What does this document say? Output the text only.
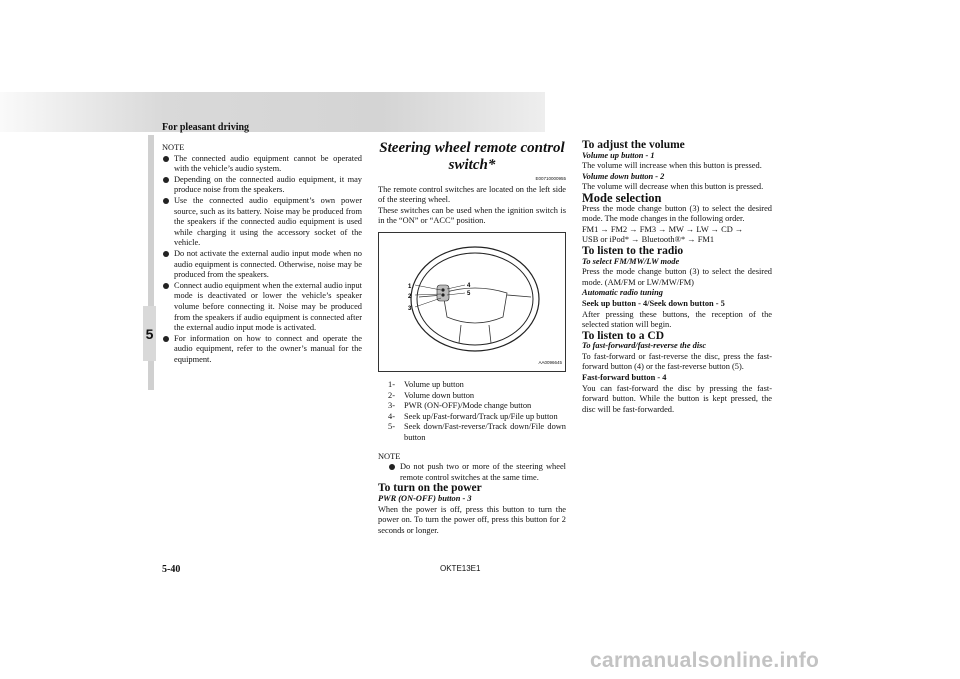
For pleasant driving
5

NOTE

The connected audio equipment cannot be operated with the vehicle’s audio system.
Depending on the connected audio equipment, it may produce noise from the speakers.
Use the connected audio equipment’s own power source, such as its battery. Noise may be produced from the speakers if the connected audio equipment is used while charging it using the accessory socket of the vehicle.
Do not activate the external audio input mode when no audio equipment is connected. Otherwise, noise may be produced from the speakers.
Connect audio equipment when the external audio input mode is deactivated or lower the vehicle’s speaker volume before connecting it. Noise may be produced from the speakers if audio equipment is connected after the external audio input mode is activated.
For information on how to connect and operate the audio equipment, refer to the owner’s manual for the equipment.

Steering wheel remote control switch*

E00710000955

The remote control switches are located on the left side of the steering wheel.

These switches can be used when the ignition switch is in the “ON” or “ACC” position.

1
2
3
4
5
AA0096645
1-	Volume up button
2-	Volume down button
3-	PWR (ON-OFF)/Mode change button
4-	Seek up/Fast-forward/Track up/File up button
5-	Seek down/Fast-reverse/Track down/File down button

NOTE

Do not push two or more of the steering wheel remote control switches at the same time.

To turn on the power

PWR (ON-OFF) button - 3

When the power is off, press this button to turn the power on. To turn the power off, press this button for 2 seconds or longer.

To adjust the volume

Volume up button - 1

The volume will increase when this button is pressed.

Volume down button - 2

The volume will decrease when this button is pressed.

Mode selection

Press the mode change button (3) to select the desired mode. The mode changes in the following order.

FM1 → FM2 → FM3 → MW → LW → CD →

USB or iPod* → Bluetooth®* → FM1

To listen to the radio

To select FM/MW/LW mode

Press the mode change button (3) to select the desired mode. (AM/FM or LW/MW/FM)

Automatic radio tuning

Seek up button - 4/Seek down button - 5

After pressing these buttons, the reception of the selected station will begin.

To listen to a CD

To fast-forward/fast-reverse the disc

To fast-forward or fast-reverse the disc, press the fast-forward button (4) or the fast-reverse button (5).

Fast-forward button - 4

You can fast-forward the disc by pressing the fast-forward button. While the button is kept pressed, the disc will be fast-forwarded.

5-40	OKTE13E1
carmanualsonline.info
